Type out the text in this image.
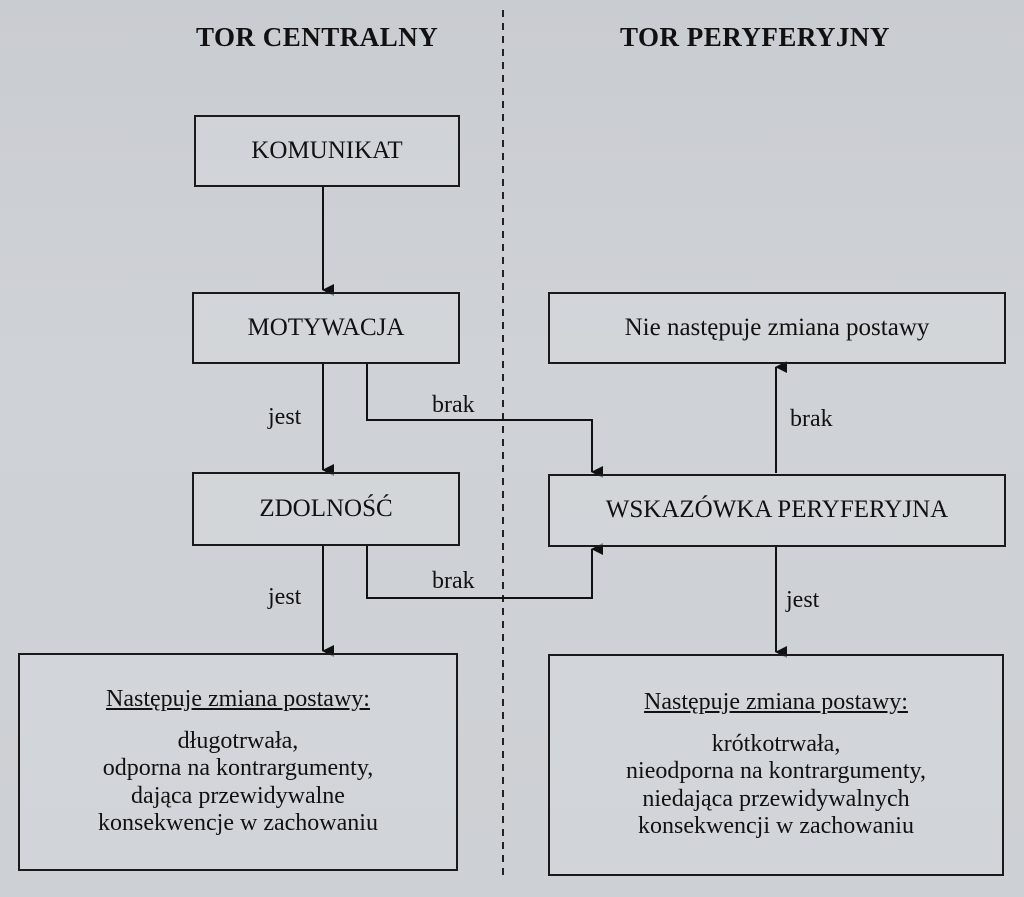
TOR CENTRALNY	TOR PERYFERYJNY
KOMUNIKAT
MOTYWACJA
ZDOLNOŚĆ
Nie następuje zmiana postawy
WSKAZÓWKA PERYFERYJNA
Następuje zmiana postawy:
długotrwała,
odporna na kontrargumenty,
dająca przewidywalne
konsekwencje w zachowaniu
Następuje zmiana postawy:
krótkotrwała,
nieodporna na kontrargumenty,
niedająca przewidywalnych
konsekwencji w zachowaniu
jest	brak
jest
brak
brak
jest
